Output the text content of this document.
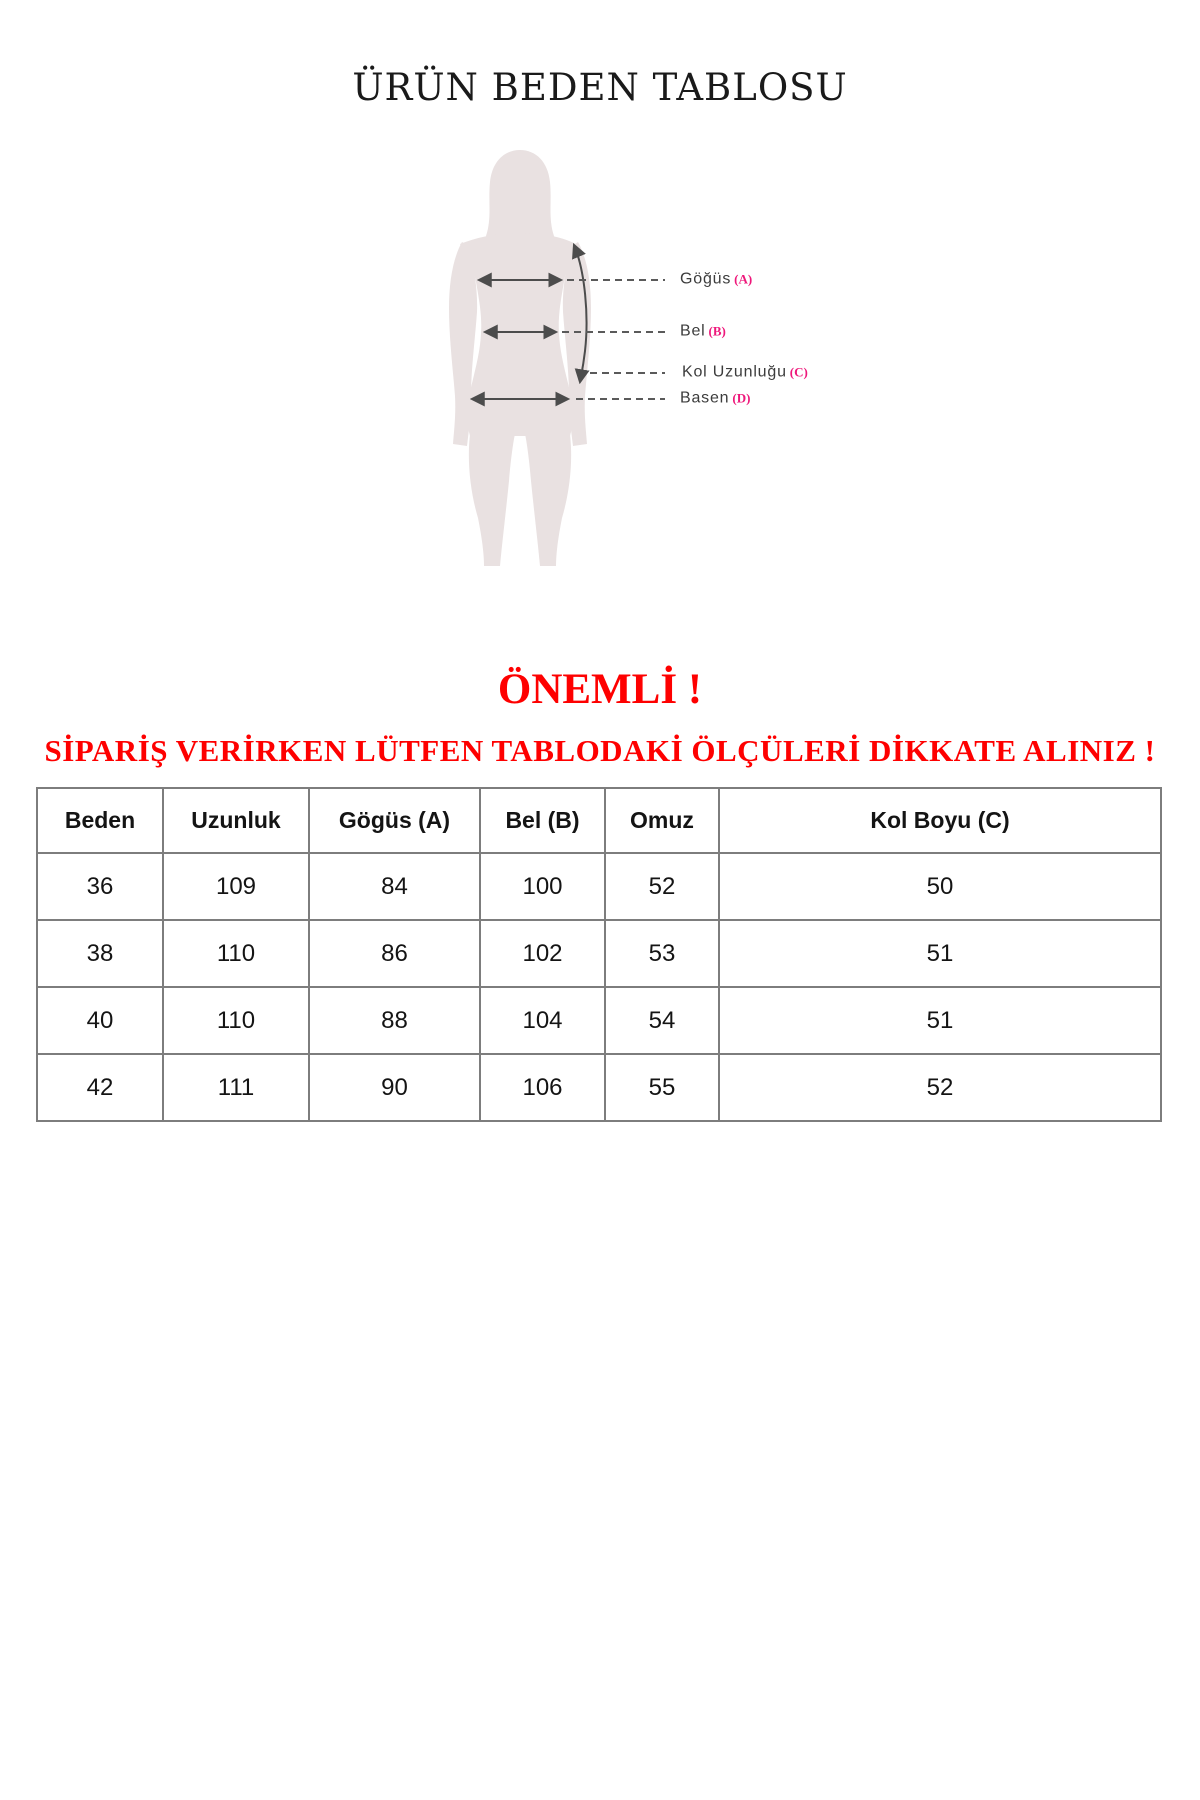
ÜRÜN BEDEN TABLOSU
Göğüs (A)
Bel (B)
Kol Uzunluğu (C)
Basen (D)
ÖNEMLİ !
SİPARİŞ VERİRKEN LÜTFEN TABLODAKİ ÖLÇÜLERİ DİKKATE ALINIZ !
Beden	Uzunluk	Gögüs (A)	Bel (B)	Omuz	Kol Boyu (C)
36	109	84	100	52	50
38	110	86	102	53	51
40	110	88	104	54	51
42	111	90	106	55	52
